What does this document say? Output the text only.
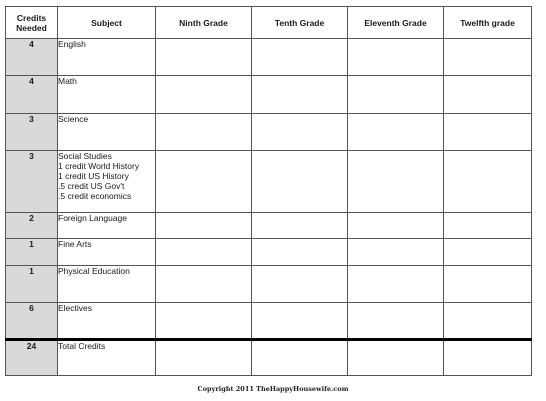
Credits Needed	Subject	Ninth Grade	Tenth Grade	Eleventh Grade	Twelfth grade
4	English				

4	Math				

3	Science				

3	Social Studies
1 credit World History
1 credit US History
.5 credit US Gov't
.5 credit economics				

2	Foreign Language				

1	Fine Arts				

1	Physical Education				

6	Electives				

24	Total Credits				

Copyright 2011 TheHappyHousewife.com
